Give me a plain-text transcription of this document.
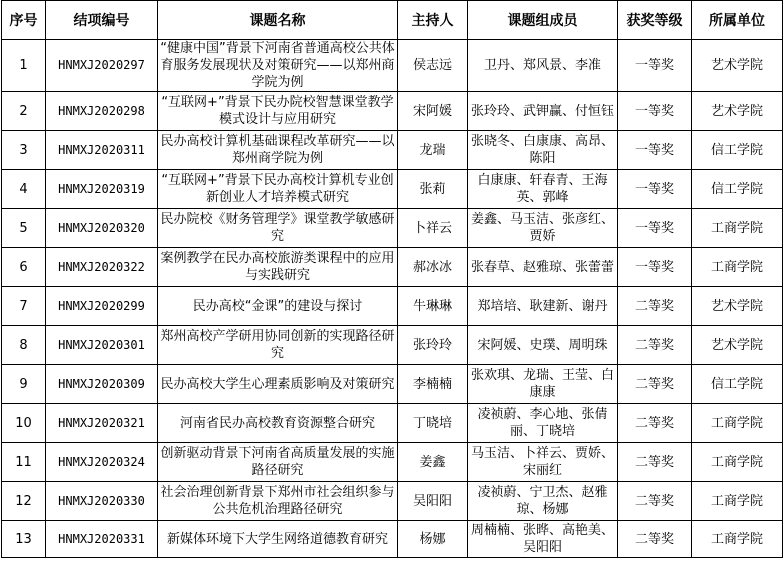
序号	结项编号	课题名称	主持人	课题组成员	获奖等级	所属单位
1	HNMXJ2020297	“健康中国”背景下河南省普通高校公共体育服务发展现状及对策研究——以郑州商学院为例	侯志远	卫丹、郑风景、李准	一等奖	艺术学院
2	HNMXJ2020298	“互联网+”背景下民办院校智慧课堂教学模式设计与应用研究	宋阿媛	张玲玲、武钾赢、付恒钰	一等奖	艺术学院
3	HNMXJ2020311	民办高校计算机基础课程改革研究——以郑州商学院为例	龙瑞	张晓冬、白康康、高昂、陈阳	一等奖	信工学院
4	HNMXJ2020319	“互联网+”背景下民办高校计算机专业创新创业人才培养模式研究	张莉	白康康、轩春青、王海英、郭峰	一等奖	信工学院
5	HNMXJ2020320	民办院校《财务管理学》课堂教学敏感研究	卜祥云	姜鑫、马玉洁、张彦红、贾娇	一等奖	工商学院
6	HNMXJ2020322	案例教学在民办高校旅游类课程中的应用与实践研究	郝冰冰	张春草、赵雅琼、张蕾蕾	一等奖	工商学院
7	HNMXJ2020299	民办高校“金课”的建设与探讨	牛琳琳	郑培培、耿建新、谢丹	二等奖	艺术学院
8	HNMXJ2020301	郑州高校产学研用协同创新的实现路径研究	张玲玲	宋阿媛、史璞、周明珠	二等奖	艺术学院
9	HNMXJ2020309	民办高校大学生心理素质影响及对策研究	李楠楠	张欢琪、龙瑞、王莹、白康康	二等奖	信工学院
10	HNMXJ2020321	河南省民办高校教育资源整合研究	丁晓培	凌祯蔚、李心地、张倩丽、丁晓培	二等奖	工商学院
11	HNMXJ2020324	创新驱动背景下河南省高质量发展的实施路径研究	姜鑫	马玉洁、卜祥云、贾娇、宋丽红	二等奖	工商学院
12	HNMXJ2020330	社会治理创新背景下郑州市社会组织参与公共危机治理路径研究	吴阳阳	凌祯蔚、宁卫杰、赵雅琼、杨娜	二等奖	工商学院
13	HNMXJ2020331	新媒体环境下大学生网络道德教育研究	杨娜	周楠楠、张晔、高艳美、吴阳阳	二等奖	工商学院
